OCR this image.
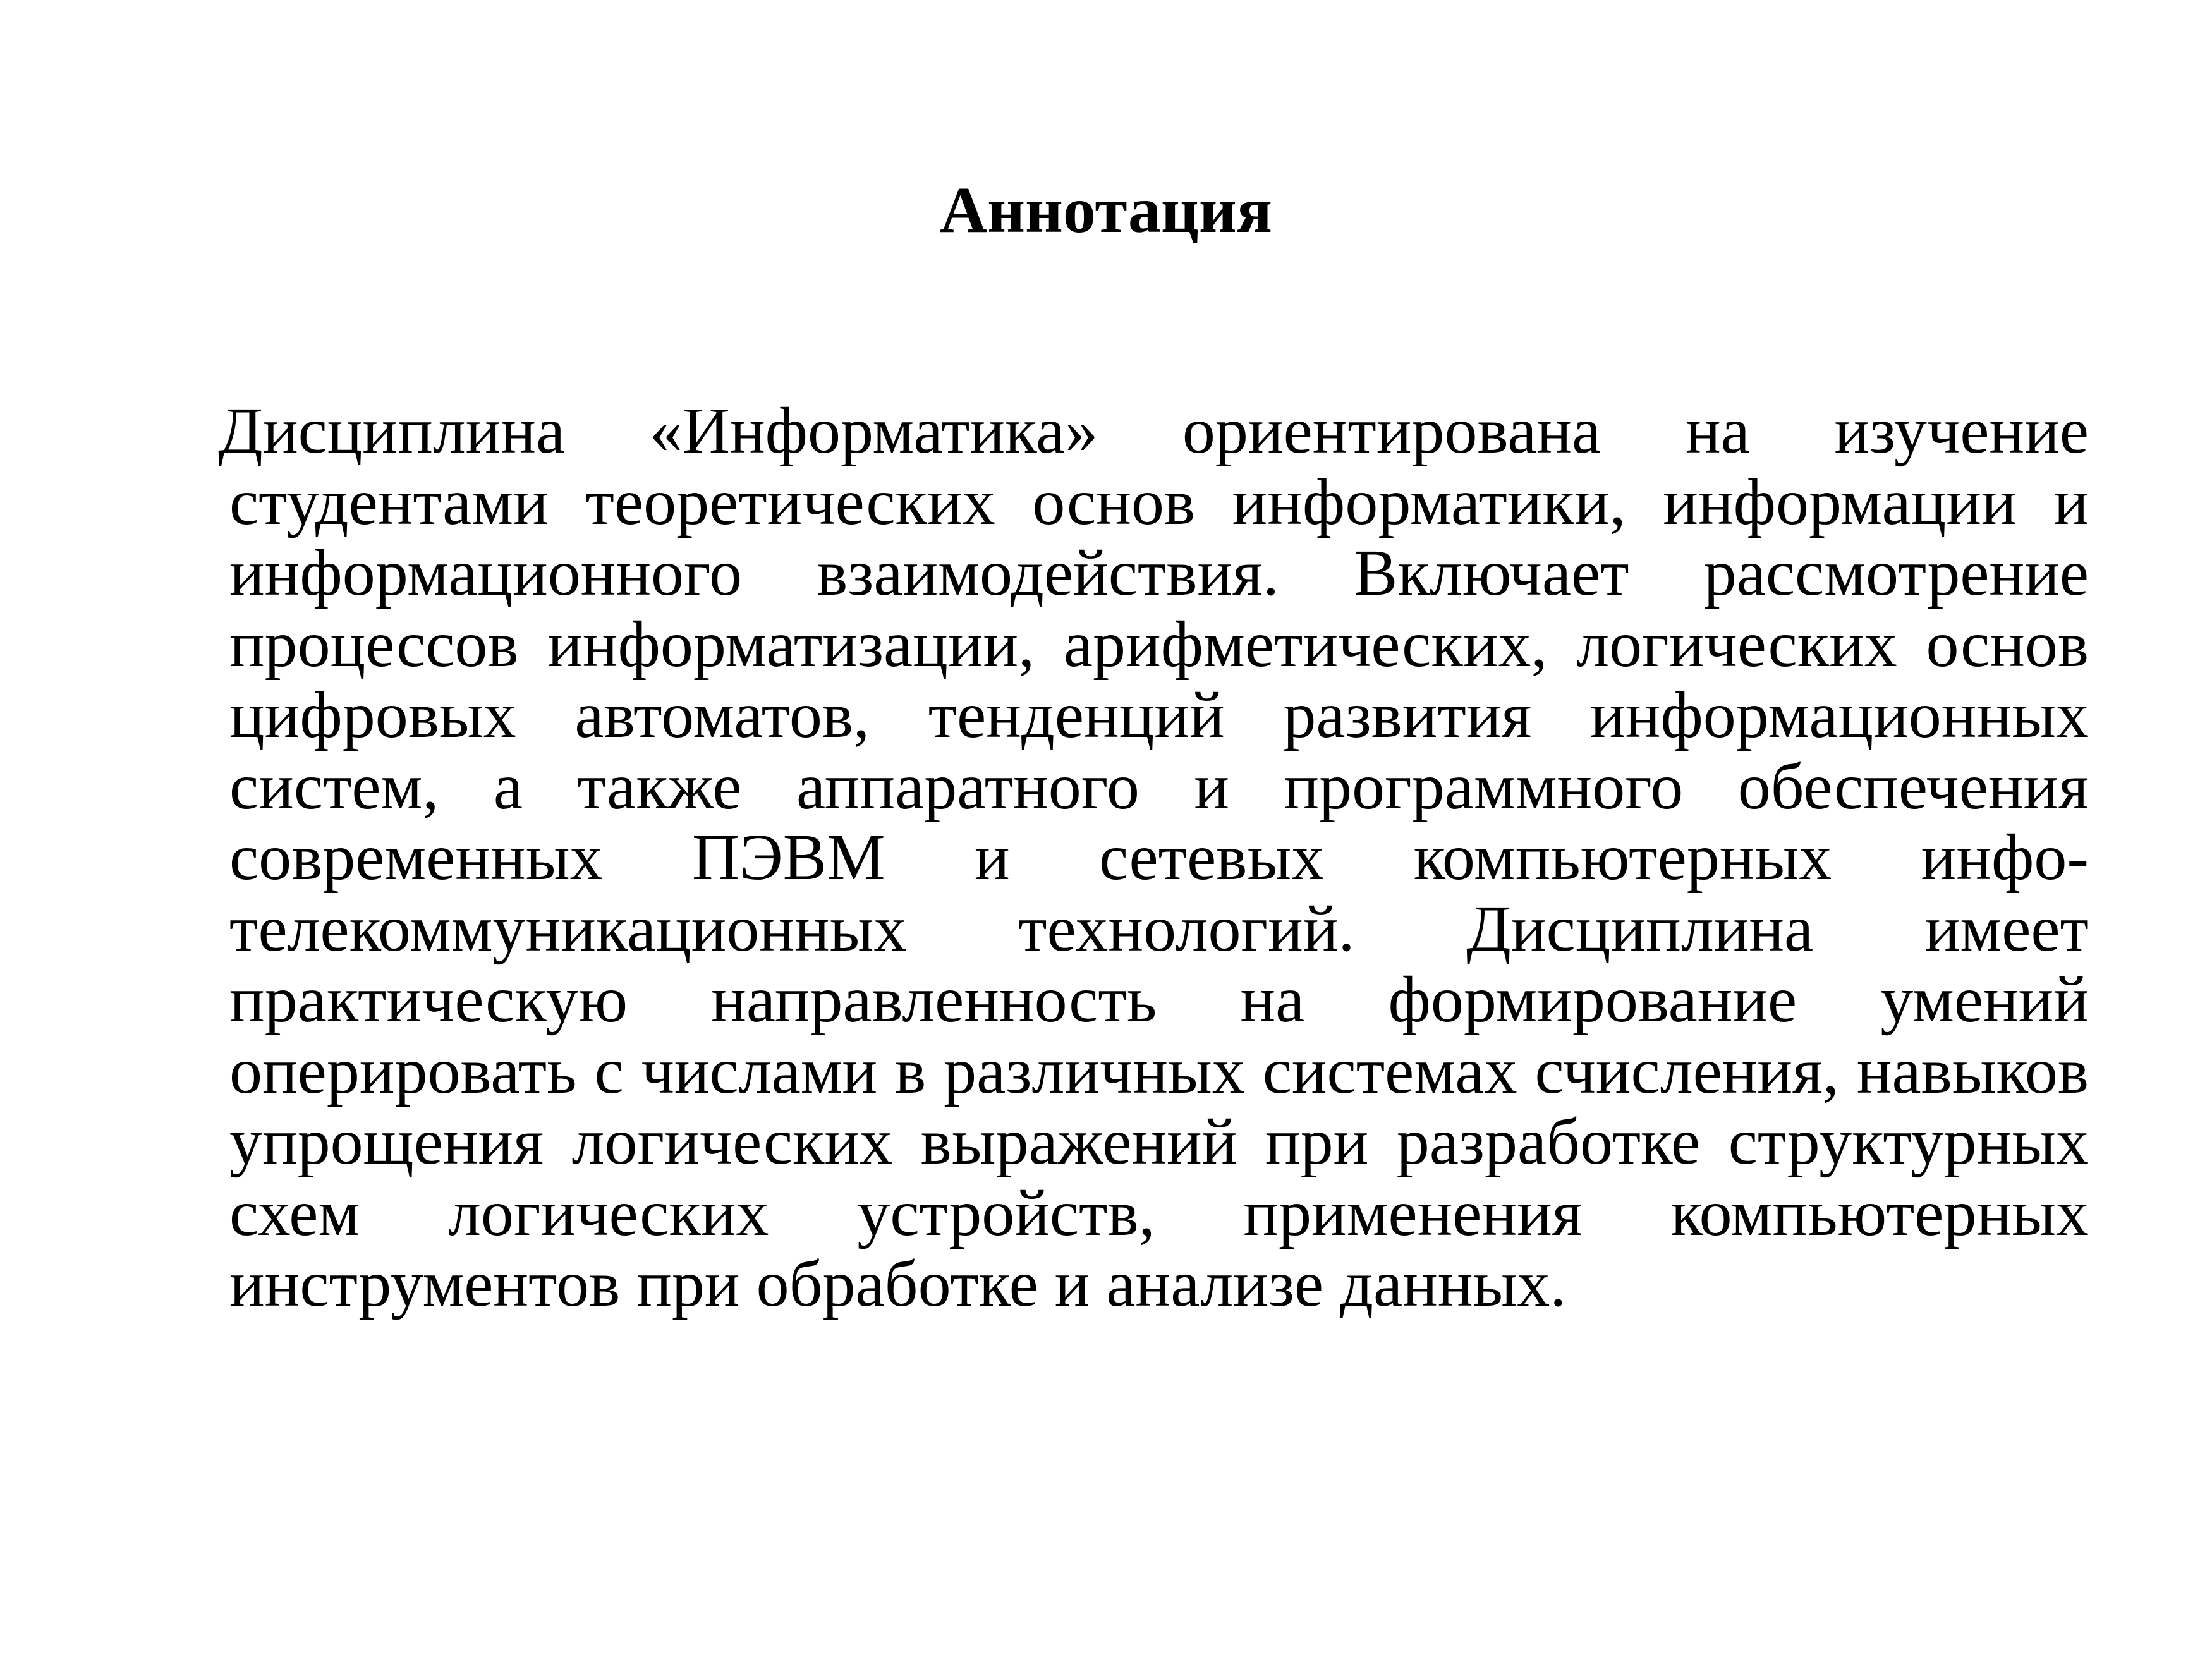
Аннотация

Дисциплина «Информатика» ориентирована на изучение студентами теоретических основ информатики, информации и информационного взаимодействия. Включает рассмотрение процессов информатизации, арифметических, логических основ цифровых автоматов, тенденций развития информационных систем, а также аппаратного и программного обеспечения современных ПЭВМ и сетевых компьютерных инфо-телекоммуникационных технологий. Дисциплина имеет практическую направленность на формирование умений оперировать с числами в различных системах счисления, навыков упрощения логических выражений при разработке структурных схем логических устройств, применения компьютерных инструментов при обработке и анализе данных.
